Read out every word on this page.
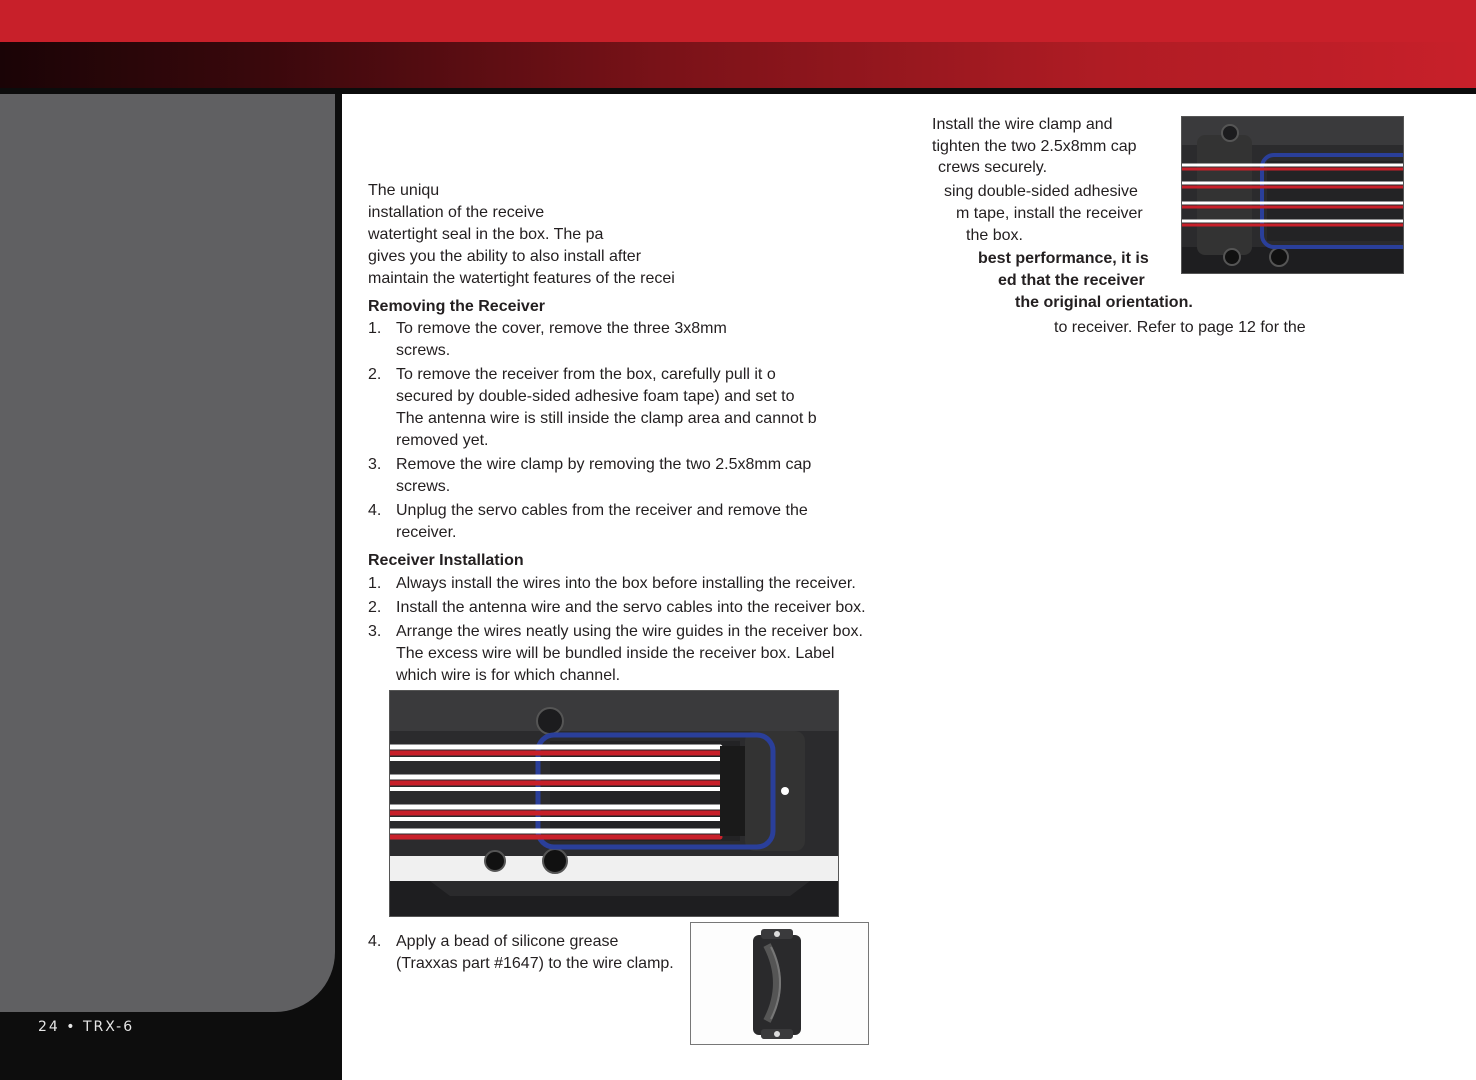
24 • TRX-6
The uniqu
installation of the receive
watertight seal in the box. The pa
gives you the ability to also install after
maintain the watertight features of the recei
Removing the Receiver
1. To remove the cover, remove the three 3x8mm
screws.
2. To remove the receiver from the box, carefully pull it o
secured by double-sided adhesive foam tape) and set to
The antenna wire is still inside the clamp area and cannot b
removed yet.
3. Remove the wire clamp by removing the two 2.5x8mm cap
screws.
4. Unplug the servo cables from the receiver and remove the
receiver.
Receiver Installation
1. Always install the wires into the box before installing the receiver.
2. Install the antenna wire and the servo cables into the receiver box.
3. Arrange the wires neatly using the wire guides in the receiver box.
The excess wire will be bundled inside the receiver box. Label
which wire is for which channel.
4. Apply a bead of silicone grease
(Traxxas part #1647) to the wire clamp.
Install the wire clamp and
tighten the two 2.5x8mm cap
crews securely.
sing double-sided adhesive
m tape, install the receiver
the box.
best performance, it is
ed that the receiver
the original orientation.
to receiver. Refer to page 12 for the
